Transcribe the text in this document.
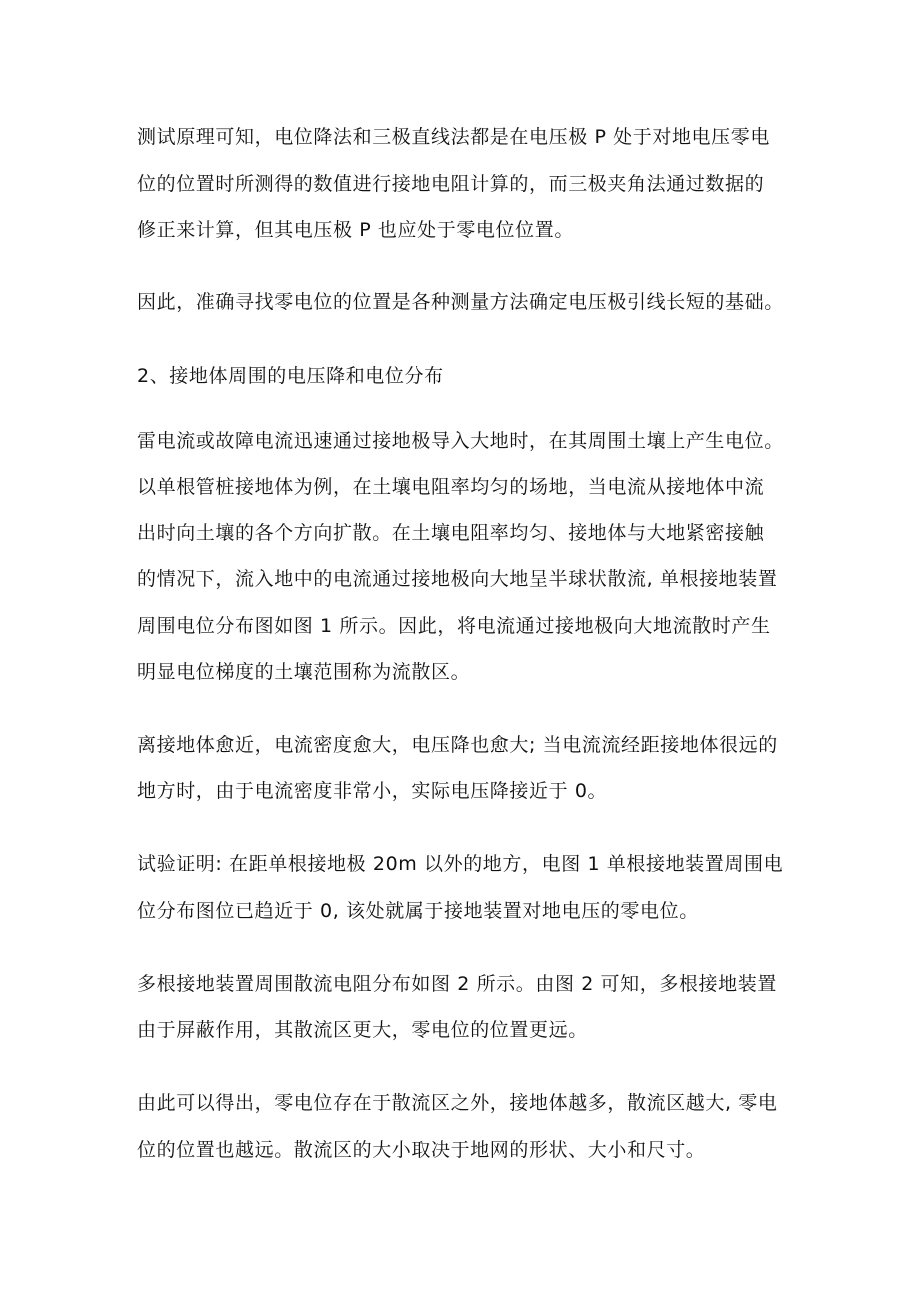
测试原理可知，电位降法和三极直线法都是在电压极 P 处于对地电压零电
位的位置时所测得的数值进行接地电阻计算的，而三极夹角法通过数据的
修正来计算，但其电压极 P 也应处于零电位位置。
因此，准确寻找零电位的位置是各种测量方法确定电压极引线长短的基础。
2、接地体周围的电压降和电位分布
雷电流或故障电流迅速通过接地极导入大地时，在其周围土壤上产生电位。
以单根管桩接地体为例，在土壤电阻率均匀的场地，当电流从接地体中流
出时向土壤的各个方向扩散。在土壤电阻率均匀、接地体与大地紧密接触
的情况下，流入地中的电流通过接地极向大地呈半球状散流, 单根接地装置
周围电位分布图如图 1 所示。因此，将电流通过接地极向大地流散时产生
明显电位梯度的土壤范围称为流散区。
离接地体愈近，电流密度愈大，电压降也愈大; 当电流流经距接地体很远的
地方时，由于电流密度非常小，实际电压降接近于 0。
试验证明: 在距单根接地极 20m 以外的地方，电图 1 单根接地装置周围电
位分布图位已趋近于 0, 该处就属于接地装置对地电压的零电位。
多根接地装置周围散流电阻分布如图 2 所示。由图 2 可知，多根接地装置
由于屏蔽作用，其散流区更大，零电位的位置更远。
由此可以得出，零电位存在于散流区之外，接地体越多，散流区越大, 零电
位的位置也越远。散流区的大小取决于地网的形状、大小和尺寸。
